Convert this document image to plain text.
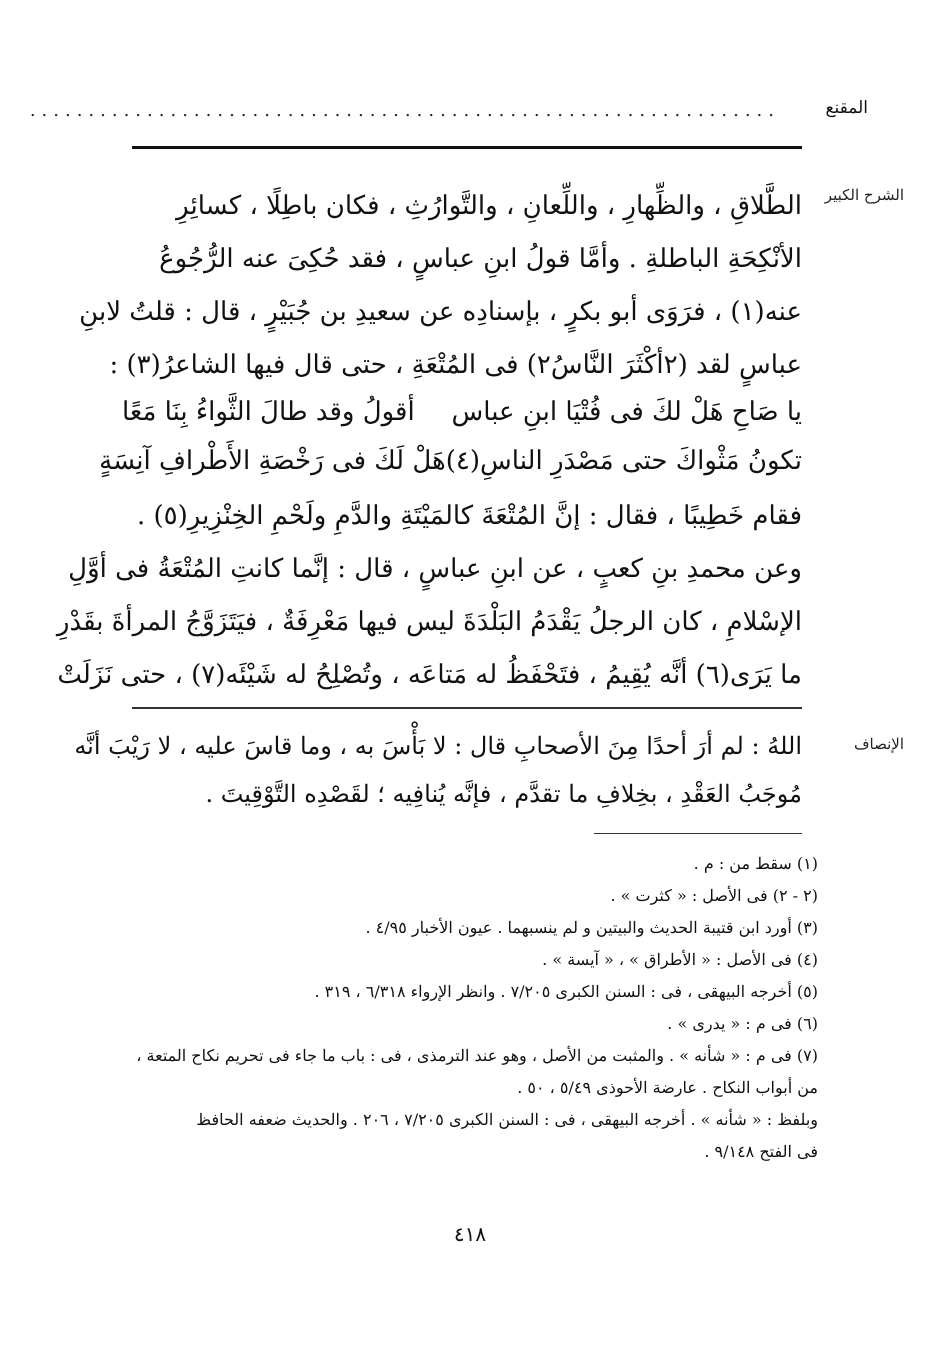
المقنع
................................................................
الشرح الكبير
الإنصاف
الطَّلاقِ ، والظِّهارِ ، واللِّعانِ ، والتَّوارُثِ ، فكان باطِلًا ، كسائِرِ
الأنْكِحَةِ الباطلةِ . وأمَّا قولُ ابنِ عباسٍ ، فقد حُكِىَ عنه الرُّجُوعُ
عنه(١) ، فرَوَى أبو بكرٍ ، بإسنادِه عن سعيدِ بن جُبَيْرٍ ، قال : قلتُ لابنِ
عباسٍ لقد (٢أكْثَرَ النَّاسُ٢) فى المُتْعَةِ ، حتى قال فيها الشاعرُ(٣) :
يا صَاحِ هَلْ لكَ فى فُتْيَا ابنِ عباس
أقولُ وقد طالَ الثَّواءُ بِنَا مَعًا
تكونُ مَثْواكَ حتى مَصْدَرِ الناسِ(٤)
هَلْ لَكَ فى رَخْصَةِ الأَطْرافِ آنِسَةٍ
فقام خَطِيبًا ، فقال : إنَّ المُتْعَةَ كالمَيْتَةِ والدَّمِ ولَحْمِ الخِنْزِيرِ(٥) .
وعن محمدِ بنِ كعبٍ ، عن ابنِ عباسٍ ، قال : إنَّما كانتِ المُتْعَةُ فى أوَّلِ
الإسْلامِ ، كان الرجلُ يَقْدَمُ البَلْدَةَ ليس فيها مَعْرِفَةٌ ، فيَتَزَوَّجُ المرأةَ بقَدْرِ
ما يَرَى(٦) أنَّه يُقِيمُ ، فتَحْفَظُ له مَتاعَه ، وتُصْلِحُ له شَيْئَه(٧) ، حتى نَزَلَتْ
اللهُ : لم أرَ أحدًا مِنَ الأصحابِ قال : لا بَأْسَ به ، وما قاسَ عليه ، لا رَيْبَ أنَّه
مُوجَبُ العَقْدِ ، بخِلافِ ما تقدَّم ، فإنَّه يُنافِيه ؛ لقَصْدِه التَّوْقِيتَ .
(١) سقط من : م .
(٢ - ٢) فى الأصل : « كثرت » .
(٣) أورد ابن قتيبة الحديث والبيتين و لم ينسبهما . عيون الأخبار ٤/٩٥ .
(٤) فى الأصل : « الأطراق » ، « آيسة » .
(٥) أخرجه البيهقى ، فى : السنن الكبرى ٧/٢٠٥ . وانظر الإرواء ٦/٣١٨ ، ٣١٩ .
(٦) فى م : « يدرى » .
(٧) فى م : « شأنه » . والمثبت من الأصل ، وهو عند الترمذى ، فى : باب ما جاء فى تحريم نكاح المتعة ،
من أبواب النكاح . عارضة الأحوذى ٥/٤٩ ، ٥٠ .
وبلفظ : « شأنه » . أخرجه البيهقى ، فى : السنن الكبرى ٧/٢٠٥ ، ٢٠٦ . والحديث ضعفه الحافظ
فى الفتح ٩/١٤٨ .
٤١٨
